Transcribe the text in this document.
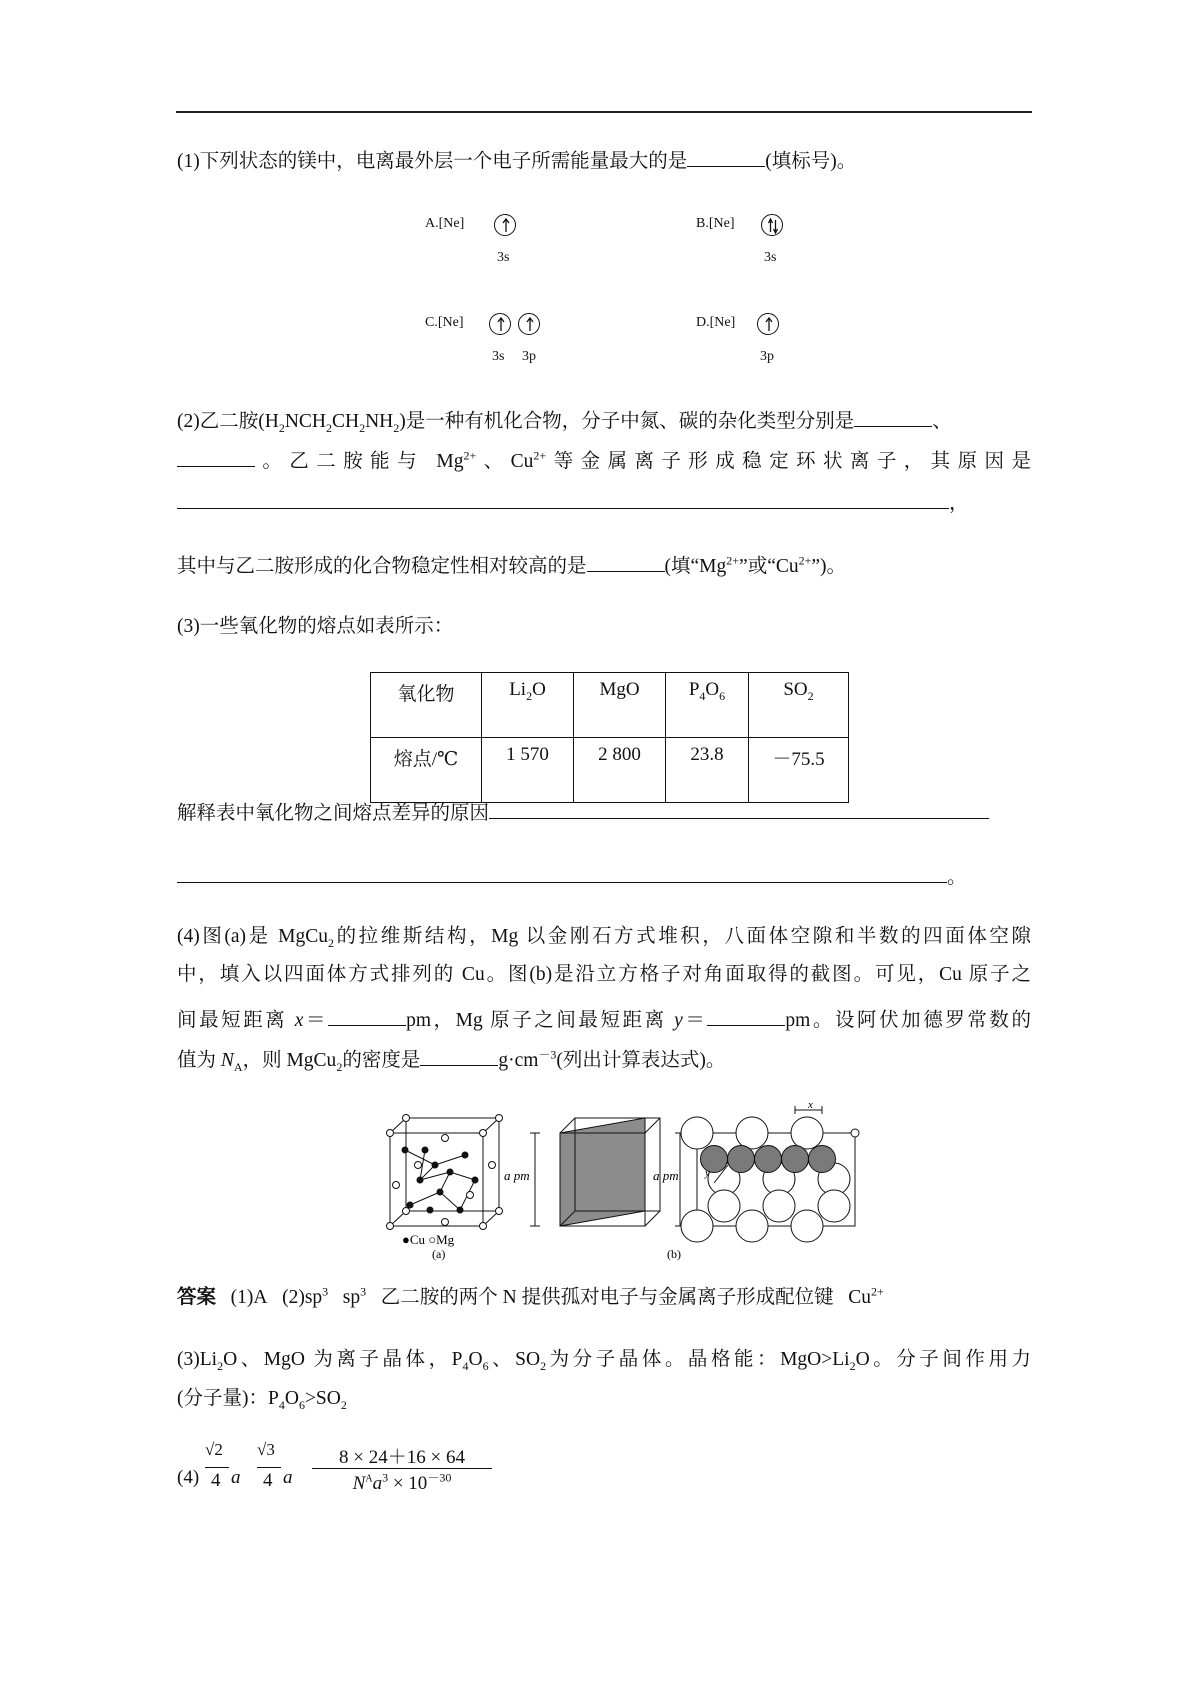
(1)下列状态的镁中，电离最外层一个电子所需能量最大的是	(填标号)。
A.[Ne]
3s
B.[Ne]
3s
C.[Ne]
3s 3p
D.[Ne]
3p
(2)乙二胺$(H_2NCH_2CH_2NH_2)$是一种有机化合物，分子中氮、碳的杂化类型分别是	、
。乙二胺能与 $Mg^{2+}$、$Cu^{2+}$等金属离子形成稳定环状离子，其原因是
，
其中与乙二胺形成的化合物稳定性相对较高的是	(填“$Mg^{2+}$”或“$Cu^{2+}$”)。
(3)一些氧化物的熔点如表所示：
氧化物	$Li_2O$	MgO	$P_4O_6$	$SO_2$
熔点/℃	1 570	2 800	23.8	－75.5
解释表中氧化物之间熔点差异的原因
。
(4)图(a)是 MgCu$_2$的拉维斯结构，Mg 以金刚石方式堆积，八面体空隙和半数的四面体空隙
中，填入以四面体方式排列的 Cu。图(b)是沿立方格子对角面取得的截图。可见，Cu 原子之
间最短距离 x＝	pm，Mg 原子之间最短距离 y＝	pm。设阿伏加德罗常数的
值为 $N_A$，则 MgCu$_2$的密度是	$g\cdot cm^{-3}$(列出计算表达式)。
a pm	a pm
x
y
●Cu ○Mg
(a)	(b)
答案 (1)A $(2)sp^3$ $sp^3$ 乙二胺的两个 N 提供孤对电子与金属离子形成配位键 $Cu^{2+}$
$(3)Li_2O$、MgO 为离子晶体，$P_4O_6$、$SO_2$为分子晶体。晶格能：$MgO>Li_2O$。分子间作用力
(分子量)：$P_4O_6>SO_2$
(4)
√2
4 a
√3
4 a
8 × 24＋16 × 64
$N^Aa^3 \times 10^{-30}$
